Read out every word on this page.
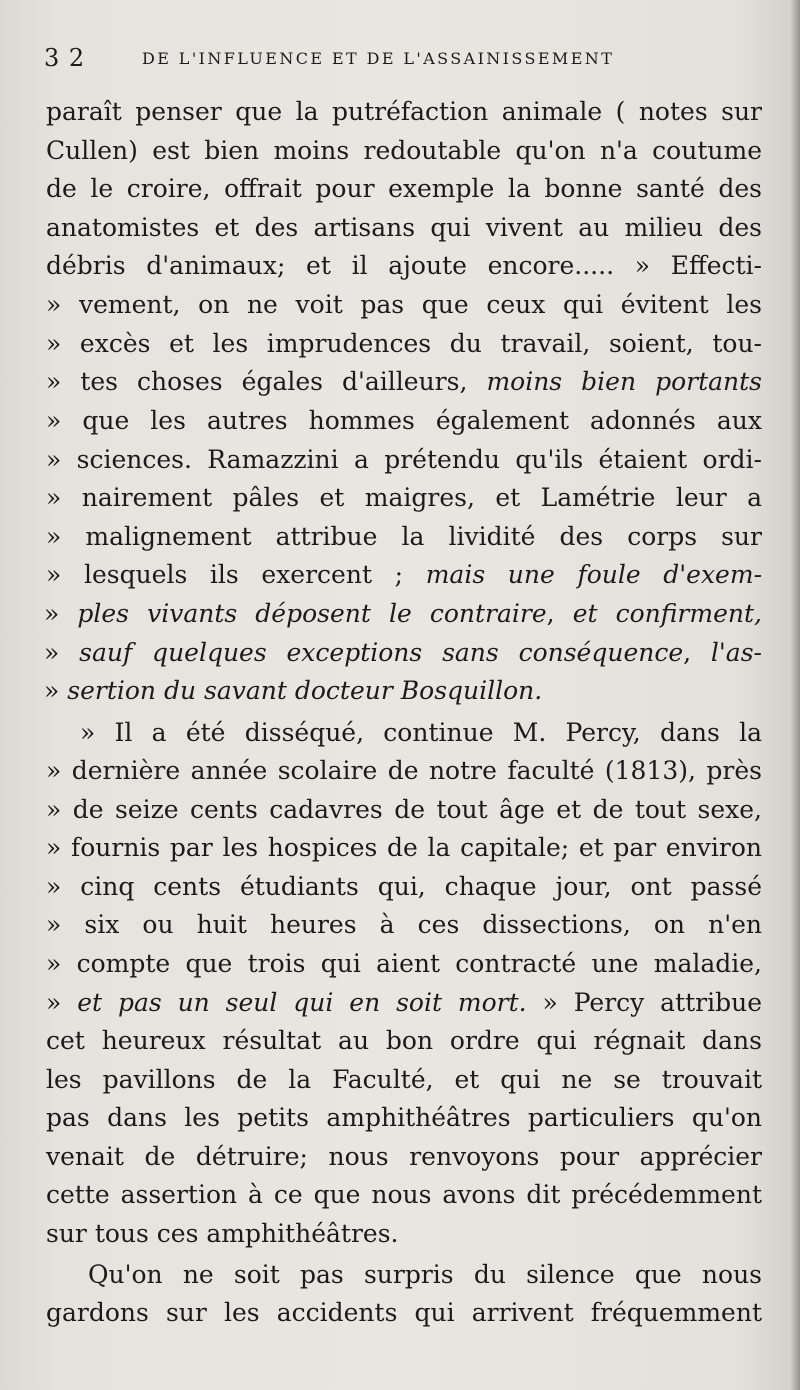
3 2	DE L'INFLUENCE ET DE L'ASSAINISSEMENT
paraît penser que la putréfaction animale ( notes sur
Cullen) est bien moins redoutable qu'on n'a coutume
de le croire, offrait pour exemple la bonne santé des
anatomistes et des artisans qui vivent au milieu des
débris d'animaux; et il ajoute encore..... » Effecti-
» vement, on ne voit pas que ceux qui évitent les
» excès et les imprudences du travail, soient, tou-
» tes choses égales d'ailleurs, moins bien portants
» que les autres hommes également adonnés aux
» sciences. Ramazzini a prétendu qu'ils étaient ordi-
» nairement pâles et maigres, et Lamétrie leur a
» malignement attribue la lividité des corps sur
» lesquels ils exercent ; mais une foule d'exem-
» ples vivants déposent le contraire, et confirment,
» sauf quelques exceptions sans conséquence, l'as-
» sertion du savant docteur Bosquillon.
» Il a été disséqué, continue M. Percy, dans la
» dernière année scolaire de notre faculté (1813), près
» de seize cents cadavres de tout âge et de tout sexe,
» fournis par les hospices de la capitale; et par environ
» cinq cents étudiants qui, chaque jour, ont passé
» six ou huit heures à ces dissections, on n'en
» compte que trois qui aient contracté une maladie,
» et pas un seul qui en soit mort. » Percy attribue
cet heureux résultat au bon ordre qui régnait dans
les pavillons de la Faculté, et qui ne se trouvait
pas dans les petits amphithéâtres particuliers qu'on
venait de détruire; nous renvoyons pour apprécier
cette assertion à ce que nous avons dit précédemment
sur tous ces amphithéâtres.
Qu'on ne soit pas surpris du silence que nous
gardons sur les accidents qui arrivent fréquemment
